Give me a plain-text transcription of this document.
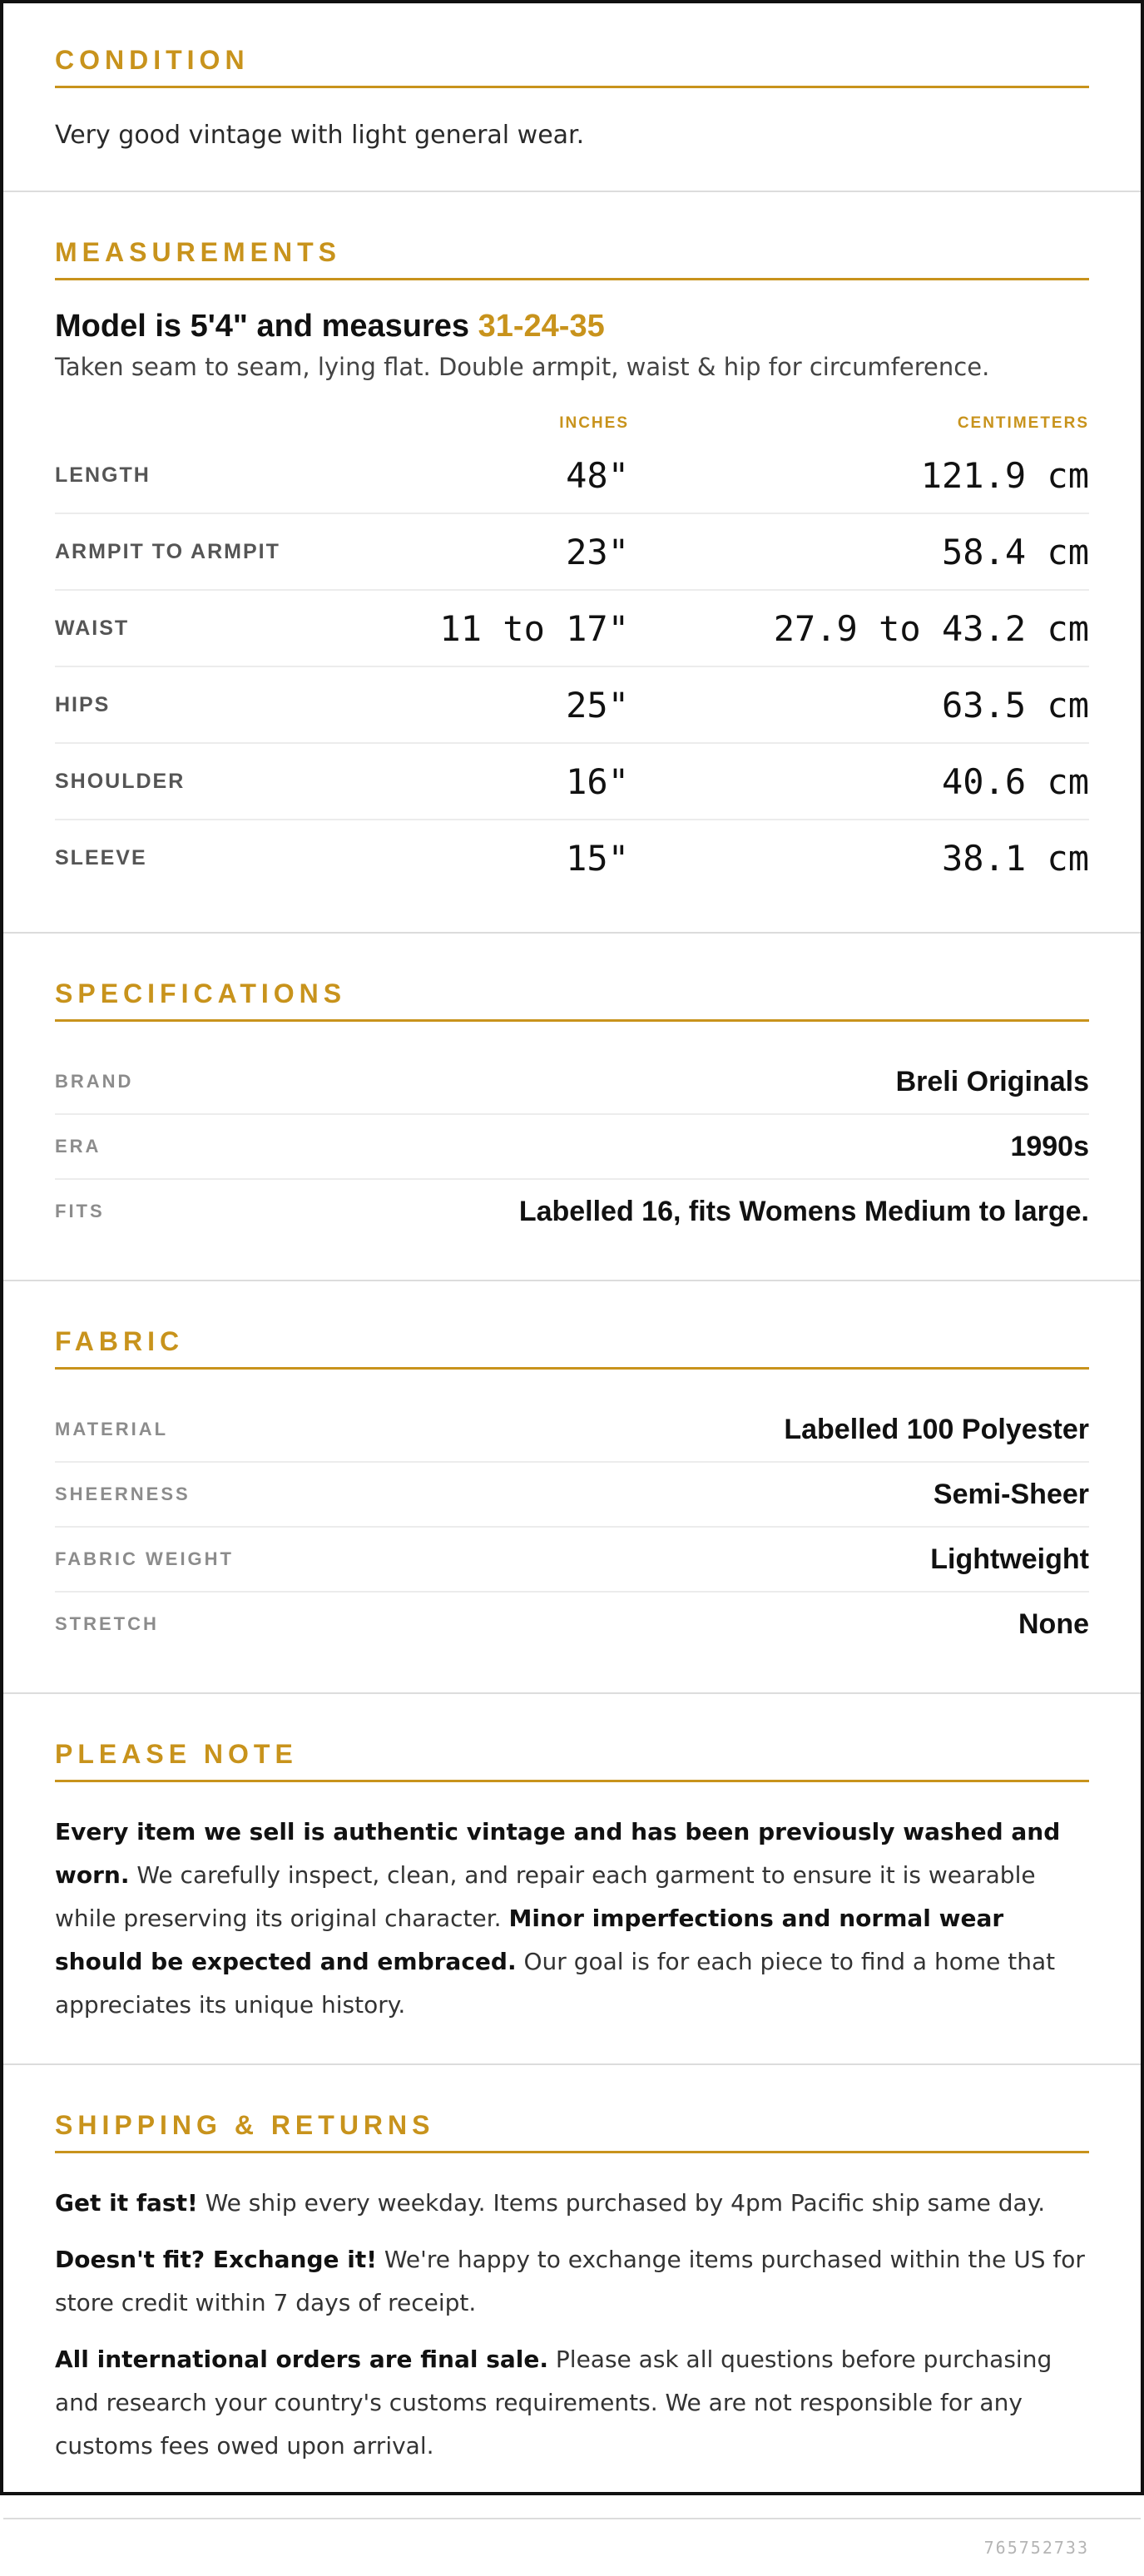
CONDITION

Very good vintage with light general wear.

MEASUREMENTS

Model is 5'4" and measures 31-24-35

Taken seam to seam, lying flat. Double armpit, waist & hip for circumference.

INCHES	CENTIMETERS
LENGTH	48"	121.9 cm
ARMPIT TO ARMPIT	23"	58.4 cm
WAIST	11 to 17"	27.9 to 43.2 cm
HIPS	25"	63.5 cm
SHOULDER	16"	40.6 cm
SLEEVE	15"	38.1 cm
SPECIFICATIONS
BRAND	Breli Originals
ERA	1990s
FITS	Labelled 16, fits Womens Medium to large.
FABRIC
MATERIAL	Labelled 100 Polyester
SHEERNESS	Semi-Sheer
FABRIC WEIGHT	Lightweight
STRETCH	None
PLEASE NOTE

Every item we sell is authentic vintage and has been previously washed and worn. We carefully inspect, clean, and repair each garment to ensure it is wearable while preserving its original character. Minor imperfections and normal wear should be expected and embraced. Our goal is for each piece to find a home that appreciates its unique history.

SHIPPING & RETURNS

Get it fast! We ship every weekday. Items purchased by 4pm Pacific ship same day.

Doesn't fit? Exchange it! We're happy to exchange items purchased within the US for store credit within 7 days of receipt.

All international orders are final sale. Please ask all questions before purchasing and research your country's customs requirements. We are not responsible for any customs fees owed upon arrival.

765752733
